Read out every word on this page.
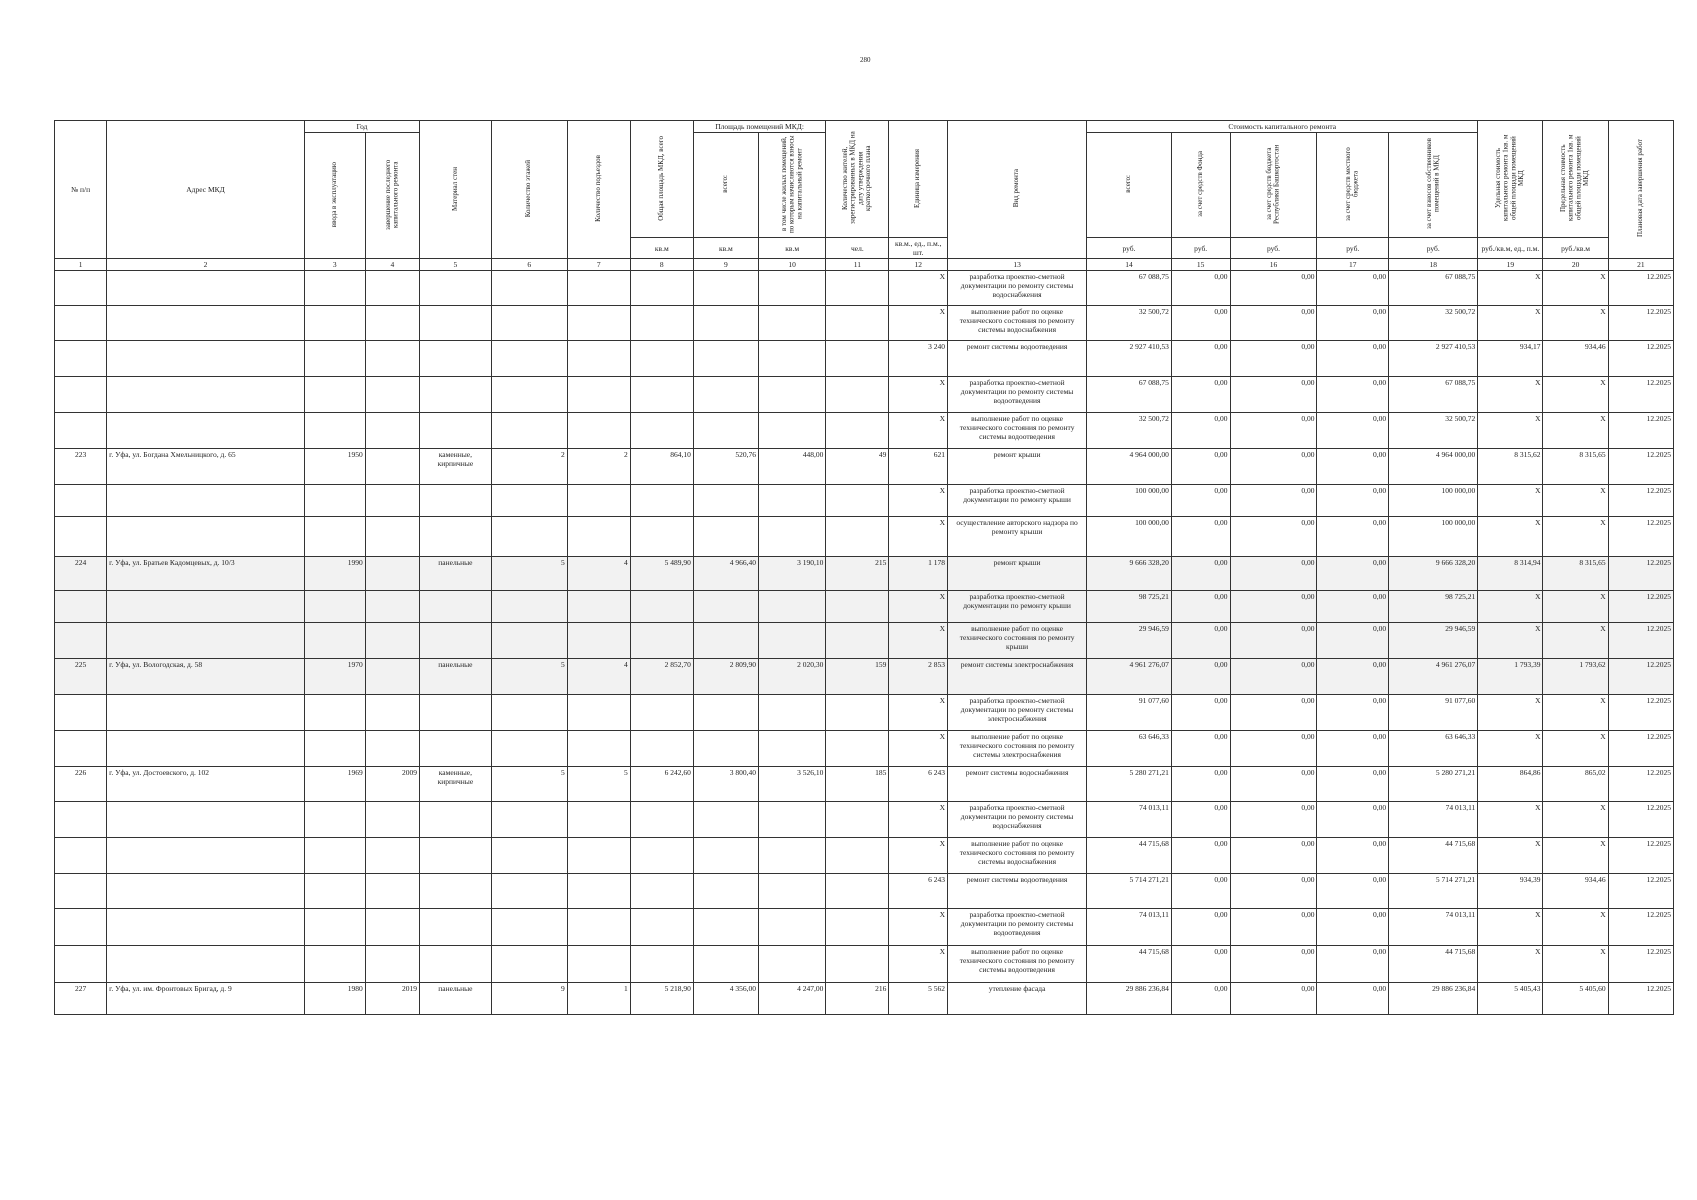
280
№ п/п	Адрес МКД	Год		Материал стен	Количество этажей	Количество подъездов	Общая площадь МКД, всего	Площадь помещений МКД:		Количество жителей, зарегистрированных в МКД на дату утверждения краткосрочного плана	Единица измерения	Вид ремонта	Стоимость капитального ремонта					Удельная стоимость капитального ремонта 1кв. м общей площади помещений МКД	Предельная стоимость капитального ремонта 1кв. м общей площади помещений МКД	Плановая дата завершения работ
		ввода в эксплуатацию	завершение последнего капитального ремонта					всего:	в том числе жилых помещений, по которым начисляются взносы на капитальный ремонт				всего:	за счет средств Фонда	за счет средств бюджета Республики Башкортостан	за счет средств местного бюджета	за счет взносов собственников помещений в МКД			
							кв.м	кв.м	кв.м	чел.	кв.м., ед., п.м., шт.		руб.	руб.	руб.	руб.	руб.	руб./кв.м, ед., п.м.	руб./кв.м	
1	2	3	4	5	6	7	8	9	10	11	12	13	14	15	16	17	18	19	20	21
											X	разработка проектно-сметной документации по ремонту системы водоснабжения	67 088,75	0,00	0,00	0,00	67 088,75	X	X	12.2025
											X	выполнение работ по оценке технического состояния по ремонту системы водоснабжения	32 500,72	0,00	0,00	0,00	32 500,72	X	X	12.2025
											3 240	ремонт системы водоотведения	2 927 410,53	0,00	0,00	0,00	2 927 410,53	934,17	934,46	12.2025
											X	разработка проектно-сметной документации по ремонту системы водоотведения	67 088,75	0,00	0,00	0,00	67 088,75	X	X	12.2025
											X	выполнение работ по оценке технического состояния по ремонту системы водоотведения	32 500,72	0,00	0,00	0,00	32 500,72	X	X	12.2025
223	г. Уфа, ул. Богдана Хмельницкого, д. 65	1950		каменные, кирпичные	2	2	864,10	520,76	448,00	49	621	ремонт крыши	4 964 000,00	0,00	0,00	0,00	4 964 000,00	8 315,62	8 315,65	12.2025
											X	разработка проектно-сметной документации по ремонту крыши	100 000,00	0,00	0,00	0,00	100 000,00	X	X	12.2025
											X	осуществление авторского надзора по ремонту крыши	100 000,00	0,00	0,00	0,00	100 000,00	X	X	12.2025
224	г. Уфа, ул. Братьев Кадомцевых, д. 10/3	1990		панельные	5	4	5 489,90	4 966,40	3 190,10	215	1 178	ремонт крыши	9 666 328,20	0,00	0,00	0,00	9 666 328,20	8 314,94	8 315,65	12.2025
											X	разработка проектно-сметной документации по ремонту крыши	98 725,21	0,00	0,00	0,00	98 725,21	X	X	12.2025
											X	выполнение работ по оценке технического состояния по ремонту крыши	29 946,59	0,00	0,00	0,00	29 946,59	X	X	12.2025
225	г. Уфа, ул. Вологодская, д. 58	1970		панельные	5	4	2 852,70	2 809,90	2 020,30	159	2 853	ремонт системы электроснабжения	4 961 276,07	0,00	0,00	0,00	4 961 276,07	1 793,39	1 793,62	12.2025
											X	разработка проектно-сметной документации по ремонту системы электроснабжения	91 077,60	0,00	0,00	0,00	91 077,60	X	X	12.2025
											X	выполнение работ по оценке технического состояния по ремонту системы электроснабжения	63 646,33	0,00	0,00	0,00	63 646,33	X	X	12.2025
226	г. Уфа, ул. Достоевского, д. 102	1969	2009	каменные, кирпичные	5	5	6 242,60	3 800,40	3 526,10	185	6 243	ремонт системы водоснабжения	5 280 271,21	0,00	0,00	0,00	5 280 271,21	864,86	865,02	12.2025
											X	разработка проектно-сметной документации по ремонту системы водоснабжения	74 013,11	0,00	0,00	0,00	74 013,11	X	X	12.2025
											X	выполнение работ по оценке технического состояния по ремонту системы водоснабжения	44 715,68	0,00	0,00	0,00	44 715,68	X	X	12.2025
											6 243	ремонт системы водоотведения	5 714 271,21	0,00	0,00	0,00	5 714 271,21	934,39	934,46	12.2025
											X	разработка проектно-сметной документации по ремонту системы водоотведения	74 013,11	0,00	0,00	0,00	74 013,11	X	X	12.2025
											X	выполнение работ по оценке технического состояния по ремонту системы водоотведения	44 715,68	0,00	0,00	0,00	44 715,68	X	X	12.2025
227	г. Уфа, ул. им. Фронтовых Бригад, д. 9	1980	2019	панельные	9	1	5 218,90	4 356,00	4 247,00	216	5 562	утепление фасада	29 886 236,84	0,00	0,00	0,00	29 886 236,84	5 405,43	5 405,60	12.2025
